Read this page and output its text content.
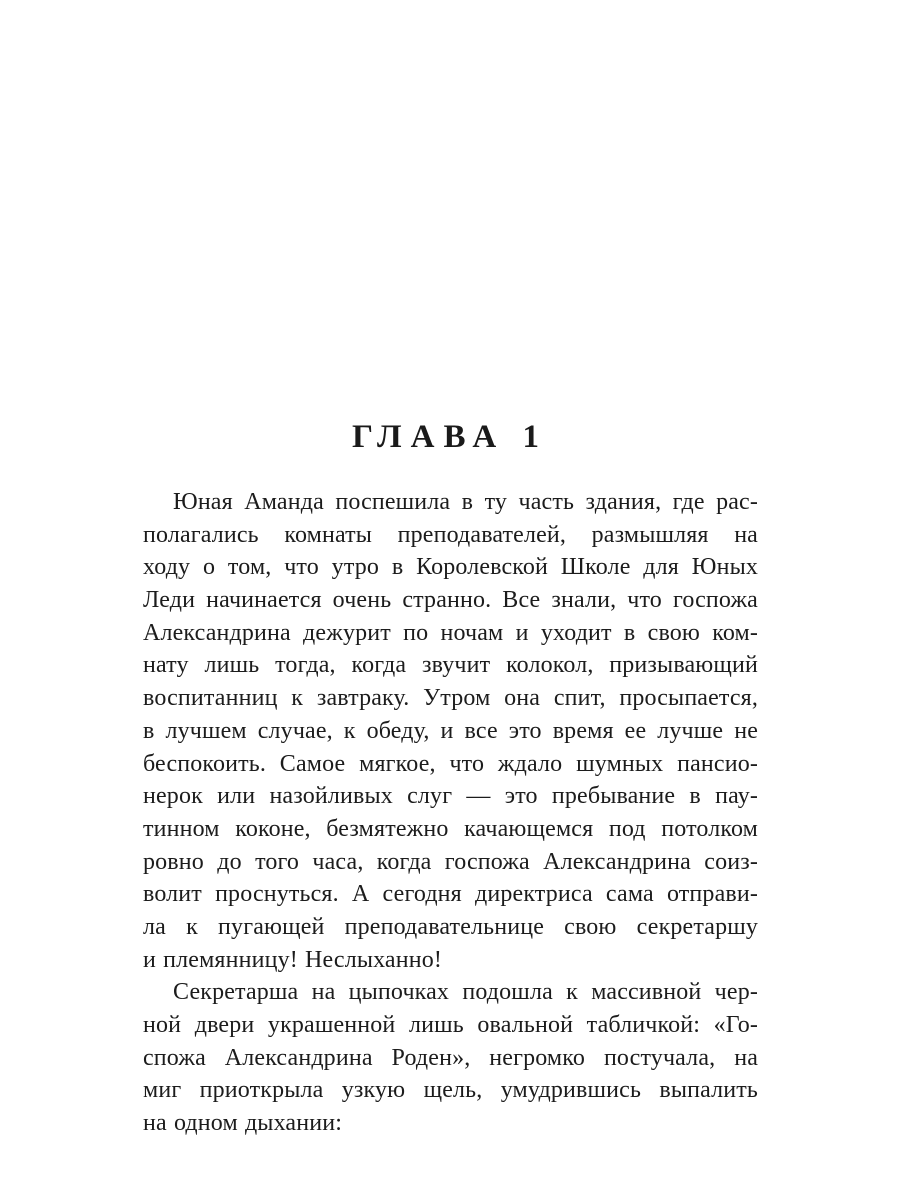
ГЛАВА 1
Юная Аманда поспешила в ту часть здания, где рас-
полагались комнаты преподавателей, размышляя на
ходу о том, что утро в Королевской Школе для Юных
Леди начинается очень странно. Все знали, что госпожа
Александрина дежурит по ночам и уходит в свою ком-
нату лишь тогда, когда звучит колокол, призывающий
воспитанниц к завтраку. Утром она спит, просыпается,
в лучшем случае, к обеду, и все это время ее лучше не
беспокоить. Самое мягкое, что ждало шумных пансио-
нерок или назойливых слуг — это пребывание в пау-
тинном коконе, безмятежно качающемся под потолком
ровно до того часа, когда госпожа Александрина соиз-
волит проснуться. А сегодня директриса сама отправи-
ла к пугающей преподавательнице свою секретаршу
и племянницу! Неслыханно!
Секретарша на цыпочках подошла к массивной чер-
ной двери украшенной лишь овальной табличкой: «Го-
спожа Александрина Роден», негромко постучала, на
миг приоткрыла узкую щель, умудрившись выпалить
на одном дыхании:
